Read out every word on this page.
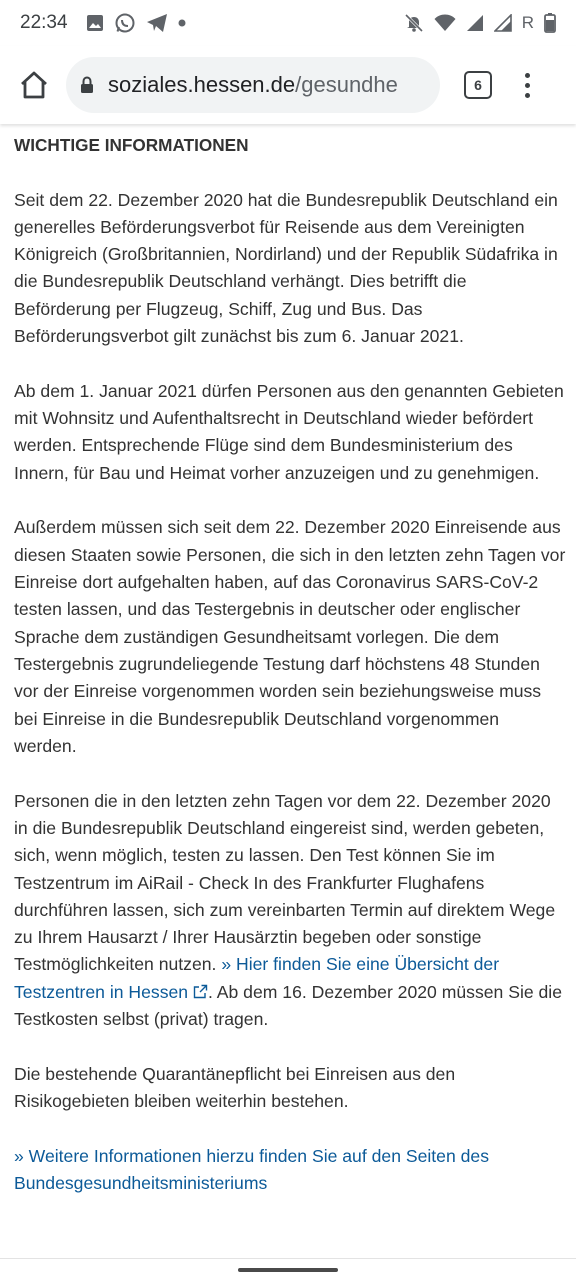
22:34	R
soziales.hessen.de/gesundhe	6
WICHTIGE INFORMATIONEN

Seit dem 22. Dezember 2020 hat die Bundesrepublik Deutschland ein generelles Beförderungsverbot für Reisende aus dem Vereinigten Königreich (Großbritannien, Nordirland) und der Republik Südafrika in die Bundesrepublik Deutschland verhängt. Dies betrifft die Beförderung per Flugzeug, Schiff, Zug und Bus. Das Beförderungsverbot gilt zunächst bis zum 6. Januar 2021.

Ab dem 1. Januar 2021 dürfen Personen aus den genannten Gebieten mit Wohnsitz und Aufenthaltsrecht in Deutschland wieder befördert werden. Entsprechende Flüge sind dem Bundesministerium des Innern, für Bau und Heimat vorher anzuzeigen und zu genehmigen.

Außerdem müssen sich seit dem 22. Dezember 2020 Einreisende aus diesen Staaten sowie Personen, die sich in den letzten zehn Tagen vor Einreise dort aufgehalten haben, auf das Coronavirus SARS-CoV-2 testen lassen, und das Testergebnis in deutscher oder englischer Sprache dem zuständigen Gesundheitsamt vorlegen. Die dem Testergebnis zugrundeliegende Testung darf höchstens 48 Stunden vor der Einreise vorgenommen worden sein beziehungsweise muss bei Einreise in die Bundesrepublik Deutschland vorgenommen werden.

Personen die in den letzten zehn Tagen vor dem 22. Dezember 2020 in die Bundesrepublik Deutschland eingereist sind, werden gebeten, sich, wenn möglich, testen zu lassen. Den Test können Sie im Testzentrum im AiRail - Check In des Frankfurter Flughafens durchführen lassen, sich zum vereinbarten Termin auf direktem Wege zu Ihrem Hausarzt / Ihrer Hausärztin begeben oder sonstige Testmöglichkeiten nutzen. » Hier finden Sie eine Übersicht der Testzentren in Hessen . Ab dem 16. Dezember 2020 müssen Sie die Testkosten selbst (privat) tragen.

Die bestehende Quarantänepflicht bei Einreisen aus den Risikogebieten bleiben weiterhin bestehen.

» Weitere Informationen hierzu finden Sie auf den Seiten des Bundesgesundheitsministeriums
